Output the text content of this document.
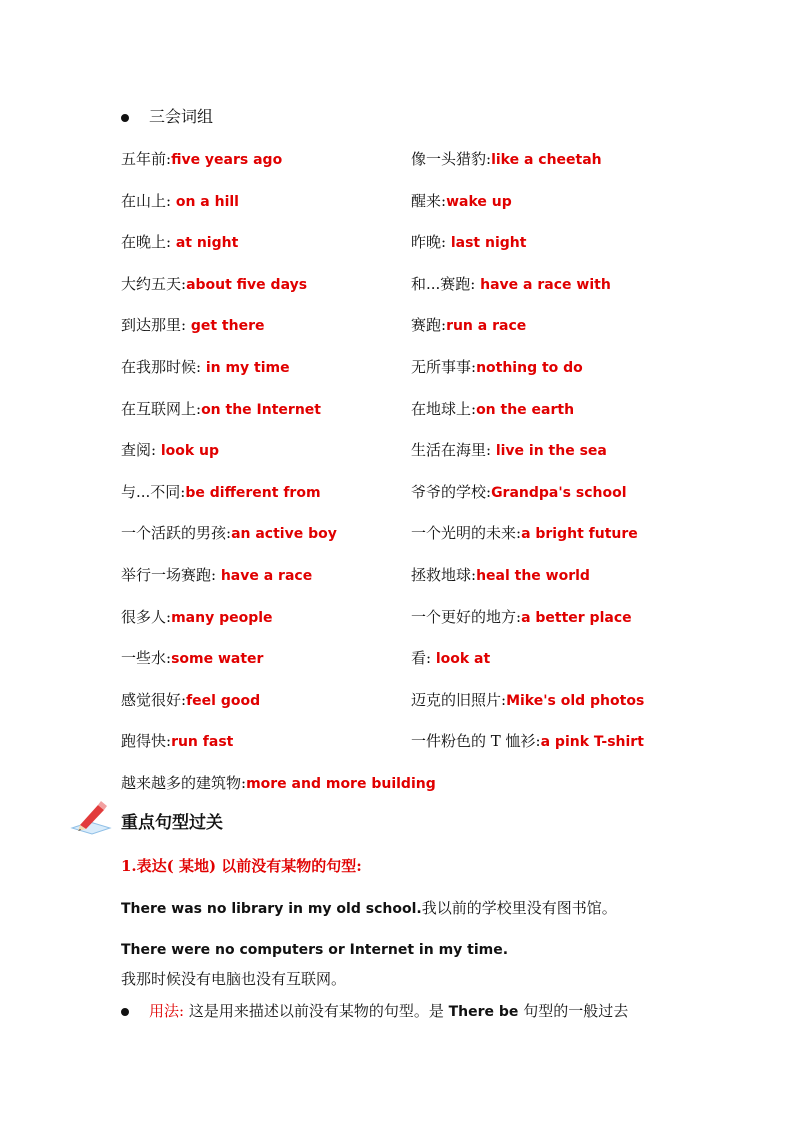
三会词组
五年前:five years ago	像一头猎豹:like a cheetah
在山上: on a hill	醒来:wake up
在晚上: at night	昨晚: last night
大约五天:about five days	和...赛跑: have a race with
到达那里: get there	赛跑:run a race
在我那时候: in my time	无所事事:nothing to do
在互联网上:on the Internet	在地球上:on the earth
查阅: look up	生活在海里: live in the sea
与...不同:be different from	爷爷的学校:Grandpa's school
一个活跃的男孩:an active boy	一个光明的未来:a bright future
举行一场赛跑: have a race	拯救地球:heal the world
很多人:many people	一个更好的地方:a better place
一些水:some water	看: look at
感觉很好:feel good	迈克的旧照片:Mike's old photos
跑得快:run fast	一件粉色的 T 恤衫:a pink T-shirt
越来越多的建筑物:more and more building
重点句型过关
1.表达( 某地) 以前没有某物的句型:
There was no library in my old school.我以前的学校里没有图书馆。
There were no computers or Internet in my time.
我那时候没有电脑也没有互联网。
用法: 这是用来描述以前没有某物的句型。是 There be 句型的一般过去
